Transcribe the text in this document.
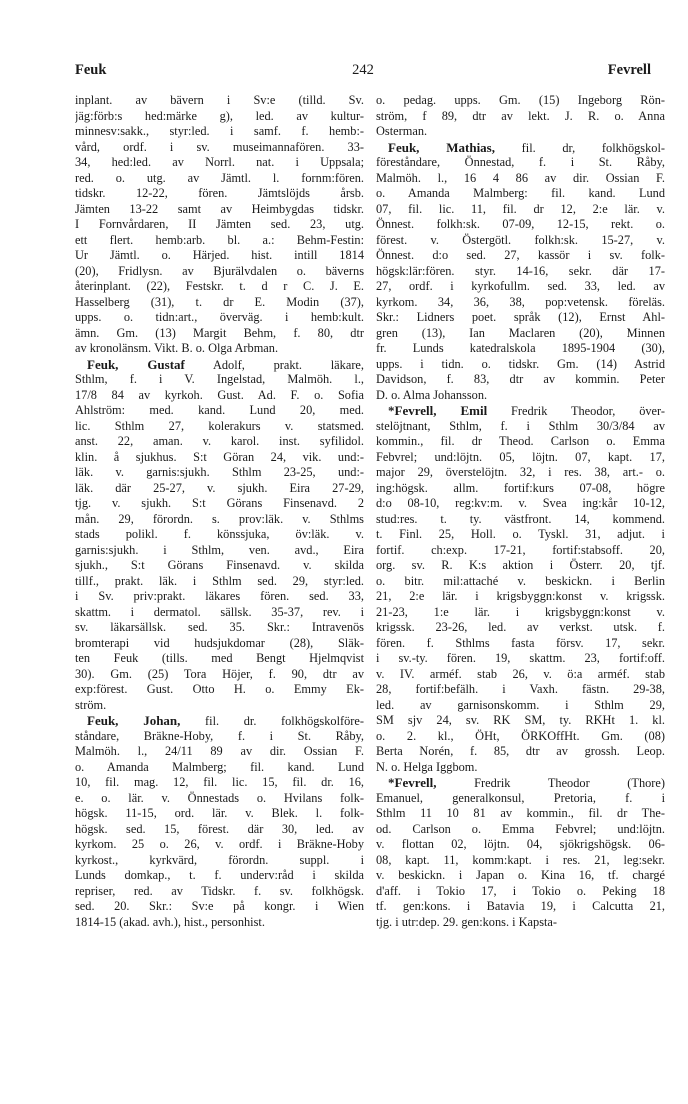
Feuk	242	Fevrell
inplant. av bävern i Sv:e (tilld. Sv.
jäg:förb:s hed:märke g), led. av kultur-
minnesv:sakk., styr:led. i samf. f. hemb:-
vård, ordf. i sv. museimannafören. 33-
34, hed:led. av Norrl. nat. i Uppsala;
red. o. utg. av Jämtl. l. fornm:fören.
tidskr. 12-22, fören. Jämtslöjds årsb.
Jämten 13-22 samt av Heimbygdas tidskr.
I Fornvårdaren, II Jämten sed. 23, utg.
ett flert. hemb:arb. bl. a.: Behm-Festin:
Ur Jämtl. o. Härjed. hist. intill 1814
(20), Fridlysn. av Bjurälvdalen o. bäverns
återinplant. (22), Festskr. t. d r C. J. E.
Hasselberg (31), t. dr E. Modin (37),
upps. o. tidn:art., överväg. i hemb:kult.
ämn. Gm. (13) Margit Behm, f. 80, dtr
av kronolänsm. Vikt. B. o. Olga Arbman.
Feuk, Gustaf Adolf, prakt. läkare,
Sthlm, f. i V. Ingelstad, Malmöh. l.,
17/8 84 av kyrkoh. Gust. Ad. F. o. Sofia
Ahlström: med. kand. Lund 20, med.
lic. Sthlm 27, kolerakurs v. statsmed.
anst. 22, aman. v. karol. inst. syfilidol.
klin. å sjukhus. S:t Göran 24, vik. und:-
läk. v. garnis:sjukh. Sthlm 23-25, und:-
läk. där 25-27, v. sjukh. Eira 27-29,
tjg. v. sjukh. S:t Görans Finsenavd. 2
mån. 29, förordn. s. prov:läk. v. Sthlms
stads polikl. f. könssjuka, öv:läk. v.
garnis:sjukh. i Sthlm, ven. avd., Eira
sjukh., S:t Görans Finsenavd. v. skilda
tillf., prakt. läk. i Sthlm sed. 29, styr:led.
i Sv. priv:prakt. läkares fören. sed. 33,
skattm. i dermatol. sällsk. 35-37, rev. i
sv. läkarsällsk. sed. 35. Skr.: Intravenös
bromterapi vid hudsjukdomar (28), Släk-
ten Feuk (tills. med Bengt Hjelmqvist
30). Gm. (25) Tora Höjer, f. 90, dtr av
exp:förest. Gust. Otto H. o. Emmy Ek-
ström.
Feuk, Johan, fil. dr. folkhögskolföre-
ståndare, Bräkne-Hoby, f. i St. Råby,
Malmöh. l., 24/11 89 av dir. Ossian F.
o. Amanda Malmberg; fil. kand. Lund
10, fil. mag. 12, fil. lic. 15, fil. dr. 16,
e. o. lär. v. Önnestads o. Hvilans folk-
högsk. 11-15, ord. lär. v. Blek. l. folk-
högsk. sed. 15, förest. där 30, led. av
kyrkom. 25 o. 26, v. ordf. i Bräkne-Hoby
kyrkost., kyrkvärd, förordn. suppl. i
Lunds domkap., t. f. underv:råd i skilda
repriser, red. av Tidskr. f. sv. folkhögsk.
sed. 20. Skr.: Sv:e på kongr. i Wien
1814-15 (akad. avh.), hist., personhist.
o. pedag. upps. Gm. (15) Ingeborg Rön-
ström, f 89, dtr av lekt. J. R. o. Anna
Osterman.
Feuk, Mathias, fil. dr, folkhögskol-
föreståndare, Önnestad, f. i St. Råby,
Malmöh. l., 16 4 86 av dir. Ossian F.
o. Amanda Malmberg: fil. kand. Lund
07, fil. lic. 11, fil. dr 12, 2:e lär. v.
Önnest. folkh:sk. 07-09, 12-15, rekt. o.
förest. v. Östergötl. folkh:sk. 15-27, v.
Önnest. d:o sed. 27, kassör i sv. folk-
högsk:lär:fören. styr. 14-16, sekr. där 17-
27, ordf. i kyrkofullm. sed. 33, led. av
kyrkom. 34, 36, 38, pop:vetensk. föreläs.
Skr.: Lidners poet. språk (12), Ernst Ahl-
gren (13), Ian Maclaren (20), Minnen
fr. Lunds katedralskola 1895-1904 (30),
upps. i tidn. o. tidskr. Gm. (14) Astrid
Davidson, f. 83, dtr av kommin. Peter
D. o. Alma Johansson.
*Fevrell, Emil Fredrik Theodor, över-
stelöjtnant, Sthlm, f. i Sthlm 30/3/84 av
kommin., fil. dr Theod. Carlson o. Emma
Febvrel; und:löjtn. 05, löjtn. 07, kapt. 17,
major 29, överstelöjtn. 32, i res. 38, art.- o.
ing:högsk. allm. fortif:kurs 07-08, högre
d:o 08-10, reg:kv:m. v. Svea ing:kår 10-12,
stud:res. t. ty. västfront. 14, kommend.
t. Finl. 25, Holl. o. Tyskl. 31, adjut. i
fortif. ch:exp. 17-21, fortif:stabsoff. 20,
org. sv. R. K:s aktion i Österr. 20, tjf.
o. bitr. mil:attaché v. beskickn. i Berlin
21, 2:e lär. i krigsbyggn:konst v. krigssk.
21-23, 1:e lär. i krigsbyggn:konst v.
krigssk. 23-26, led. av verkst. utsk. f.
fören. f. Sthlms fasta försv. 17, sekr.
i sv.-ty. fören. 19, skattm. 23, fortif:off.
v. IV. arméf. stab 26, v. ö:a arméf. stab
28, fortif:befälh. i Vaxh. fästn. 29-38,
led. av garnisonskomm. i Sthlm 29,
SM sjv 24, sv. RK SM, ty. RKHt 1. kl.
o. 2. kl., ÖHt, ÖRKOffHt. Gm. (08)
Berta Norén, f. 85, dtr av grossh. Leop.
N. o. Helga Iggbom.
*Fevrell, Fredrik Theodor (Thore)
Emanuel, generalkonsul, Pretoria, f. i
Sthlm 11 10 81 av kommin., fil. dr The-
od. Carlson o. Emma Febvrel; und:löjtn.
v. flottan 02, löjtn. 04, sjökrigshögsk. 06-
08, kapt. 11, komm:kapt. i res. 21, leg:sekr.
v. beskickn. i Japan o. Kina 16, tf. chargé
d'aff. i Tokio 17, i Tokio o. Peking 18
tf. gen:kons. i Batavia 19, i Calcutta 21,
tjg. i utr:dep. 29. gen:kons. i Kapsta-
